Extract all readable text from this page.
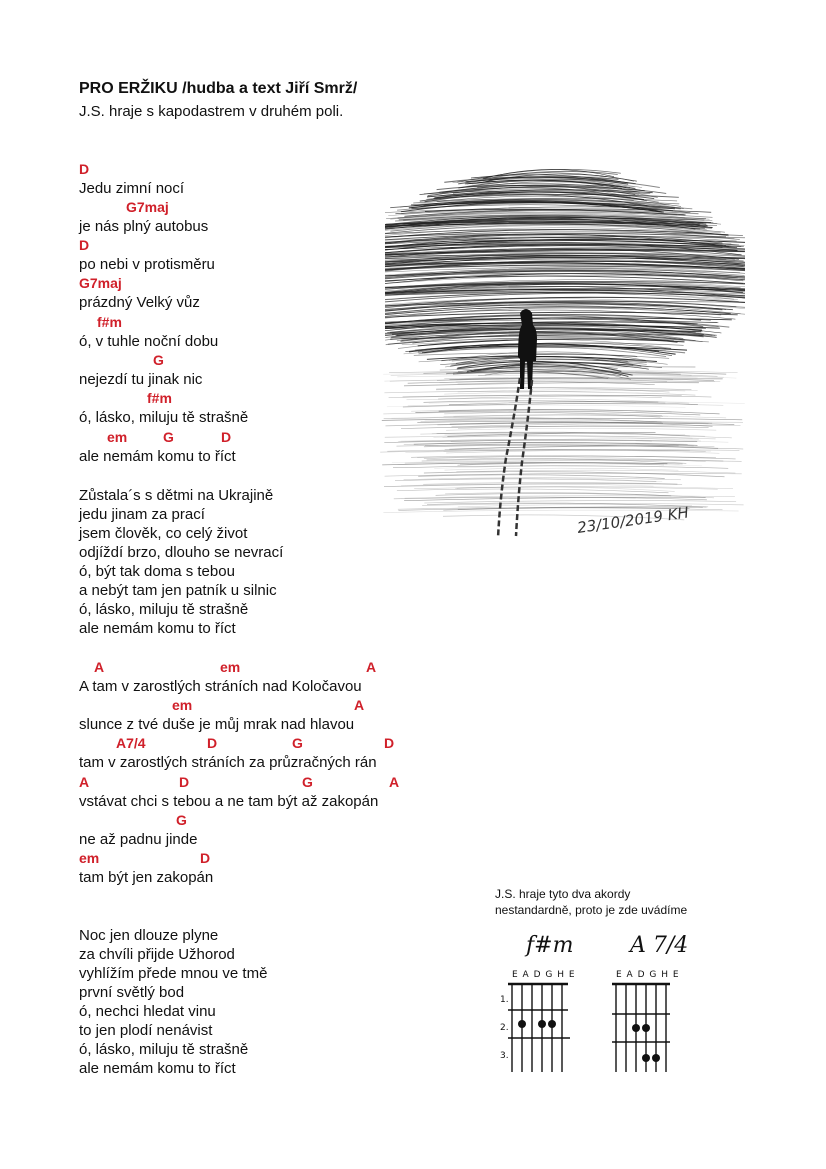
PRO ERŽIKU /hudba a text Jiří Smrž/
J.S. hraje s kapodastrem v druhém poli.
D
Jedu zimní nocí
G7maj
je nás plný autobus
D
po nebi v protisměru
G7maj
prázdný Velký vůz
f#m
ó, v tuhle noční dobu
G
nejezdí tu jinak nic
f#m
ó, lásko, miluju tě strašně
em	G	D
ale nemám komu to říct
Zůstala´s s dětmi na Ukrajině
jedu jinam za prací
jsem člověk, co celý život
odjíždí brzo, dlouho se nevrací
ó, být tak doma s tebou
a nebýt tam jen patník u silnic
ó, lásko, miluju tě strašně
ale nemám komu to říct
A	em	A
A tam v zarostlých stráních nad Koločavou
em	A
slunce z tvé duše je můj mrak nad hlavou
A7/4	D	G	D
tam v zarostlých stráních za průzračných rán
A	D	G	A
vstávat chci s tebou a ne tam být až zakopán
G
ne až padnu jinde
em	D
tam být jen zakopán
Noc jen dlouze plyne
za chvíli přijde Užhorod
vyhlížím přede mnou ve tmě
první světlý bod
ó, nechci hledat vinu
to jen plodí nenávist
ó, lásko, miluju tě strašně
ale nemám komu to říct
23/10/2019 KH
J.S. hraje tyto dva akordy
nestandardně, proto je zde uvádíme
f#m
E A D G H E
1.
2.
3.
A 7/4
E A D G H E
